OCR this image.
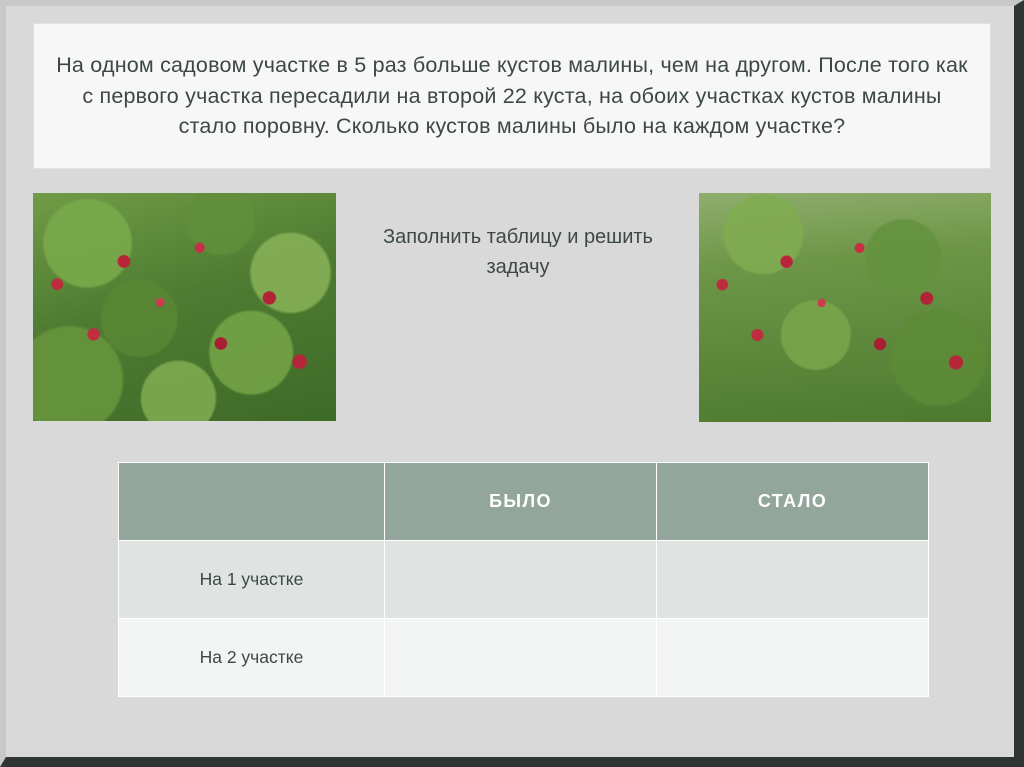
На одном садовом участке в 5 раз больше кустов малины, чем на другом. После того как с первого участка пересадили на второй 22 куста, на обоих участках кустов малины стало поровну. Сколько кустов малины было на каждом участке?

Заполнить таблицу и решить задачу
	БЫЛО	СТАЛО
На 1 участке		
На 2 участке		
